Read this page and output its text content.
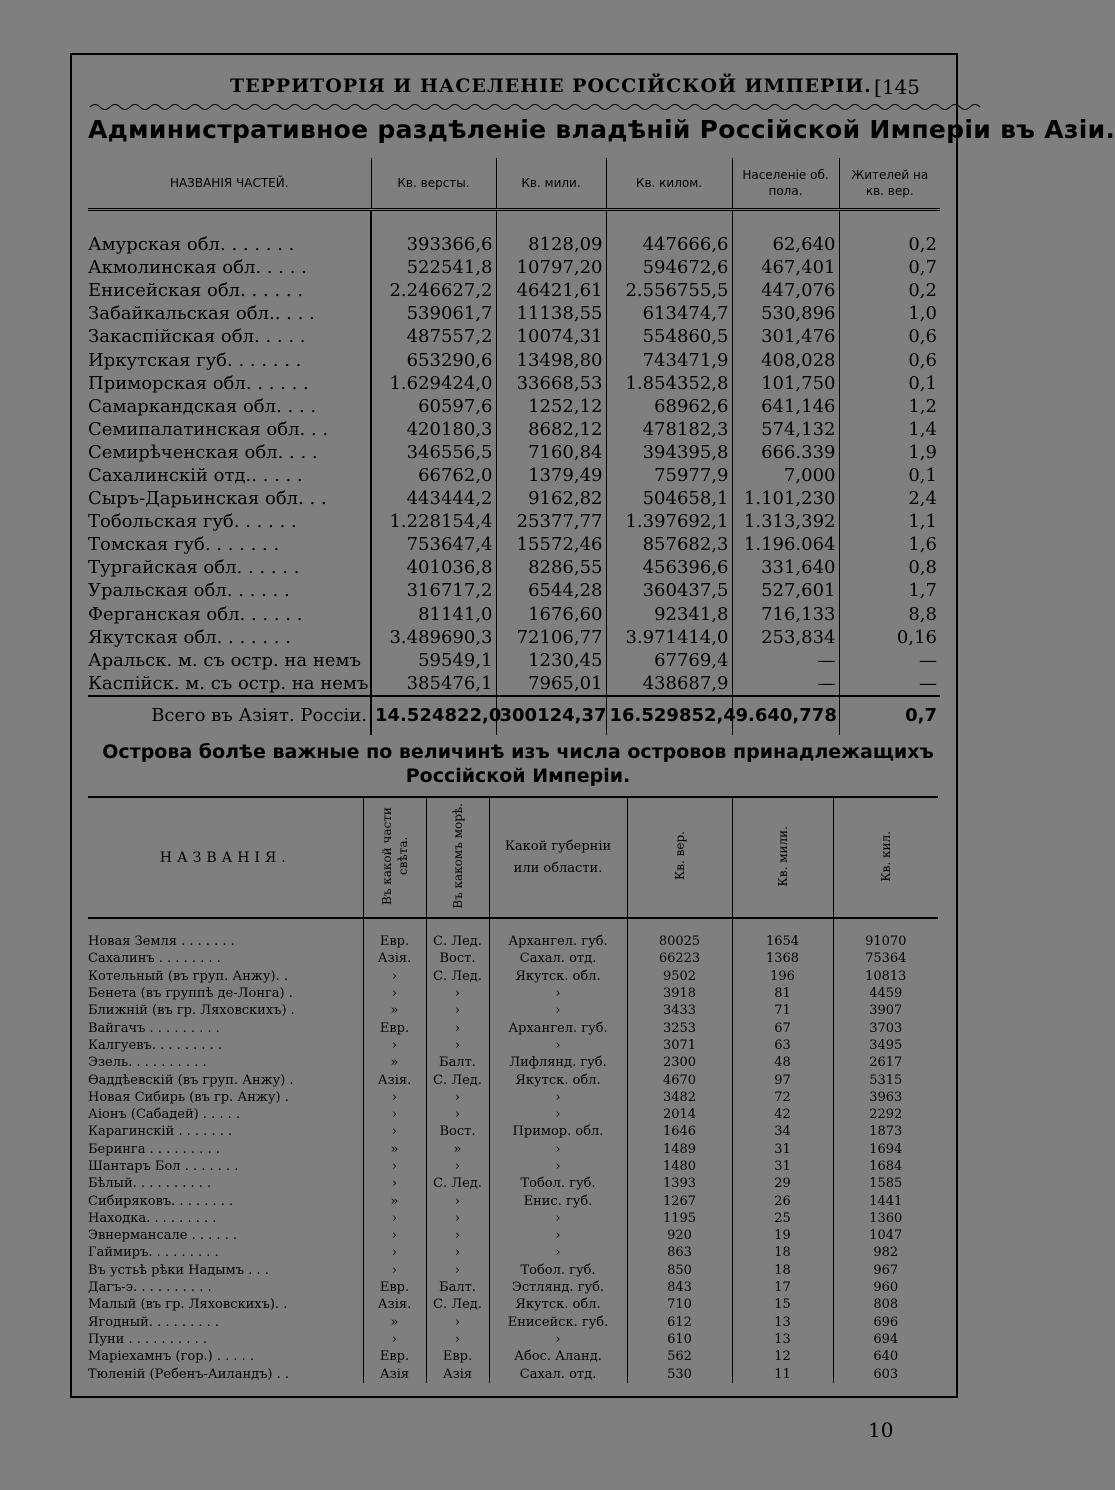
ТЕРРИТОРІЯ И НАСЕЛЕНІЕ РОССІЙСКОЙ ИМПЕРІИ. [145
Административное раздѣленіе владѣній Россійской Имперіи въ Азіи.
НАЗВАНІЯ ЧАСТЕЙ.	Кв. версты.	Кв. мили.	Кв. килом.	Населеніе об. пола.	Жителей на кв. вер.

Амурская обл. . . . . . .	393366,6	8128,09	447666,6	62,640	0,2
Акмолинская обл. . . . .	522541,8	10797,20	594672,6	467,401	0,7
Енисейская обл. . . . . .	2.246627,2	46421,61	2.556755,5	447,076	0,2
Забайкальская обл.. . . .	539061,7	11138,55	613474,7	530,896	1,0
Закаспійская обл. . . . .	487557,2	10074,31	554860,5	301,476	0,6
Иркутская губ. . . . . . .	653290,6	13498,80	743471,9	408,028	0,6
Приморская обл. . . . . .	1.629424,0	33668,53	1.854352,8	101,750	0,1
Самаркандская обл. . . .	60597,6	1252,12	68962,6	641,146	1,2
Семипалатинская обл. . .	420180,3	8682,12	478182,3	574,132	1,4
Семирѣченская обл. . . .	346556,5	7160,84	394395,8	666.339	1,9
Сахалинскій отд.. . . . .	66762,0	1379,49	75977,9	7,000	0,1
Сыръ-Дарьинская обл. . .	443444,2	9162,82	504658,1	1.101,230	2,4
Тобольская губ. . . . . .	1.228154,4	25377,77	1.397692,1	1.313,392	1,1
Томская губ. . . . . . .	753647,4	15572,46	857682,3	1.196.064	1,6
Тургайская обл. . . . . .	401036,8	8286,55	456396,6	331,640	0,8
Уральская обл. . . . . .	316717,2	6544,28	360437,5	527,601	1,7
Ферганская обл. . . . . .	81141,0	1676,60	92341,8	716,133	8,8
Якутская обл. . . . . . .	3.489690,3	72106,77	3.971414,0	253,834	0,16
Аральск. м. съ остр. на немъ	59549,1	1230,45	67769,4	—	—
Каспійск. м. съ остр. на немъ	385476,1	7965,01	438687,9	—	—
Всего въ Азіят. Россіи.	14.524822,0	300124,37	16.529852,4	9.640,778	0,7
Острова болѣе важные по величинѣ изъ числа островов принадлежащихъ Россійской Имперіи.
НАЗВАНІЯ.	Въ какой части свѣта.	Въ какомъ морѣ.	Какой губерніи или области.	Кв. вер.	Кв. мили.	Кв. кил.

Новая Земля . . . . . . .	Евр.	С. Лед.	Архангел. губ.	80025	1654	91070
Сахалинъ . . . . . . . .	Азія.	Вост.	Сахал. отд.	66223	1368	75364
Котельный (въ груп. Анжу). .	›	С. Лед.	Якутск. обл.	9502	196	10813
Бенета (въ группѣ де-Лонга) .	›	›	›	3918	81	4459
Ближній (въ гр. Ляховскихъ) .	»	›	›	3433	71	3907
Вайгачъ . . . . . . . . .	Евр.	›	Архангел. губ.	3253	67	3703
Калгуевъ. . . . . . . . .	›	›	›	3071	63	3495
Эзель. . . . . . . . . .	»	Балт.	Лифлянд. губ.	2300	48	2617
Ѳаддѣевскій (въ груп. Анжу) .	Азія.	С. Лед.	Якутск. обл.	4670	97	5315
Новая Сибирь (въ гр. Анжу) .	›	›	›	3482	72	3963
Аіонъ (Сабадей) . . . . .	›	›	›	2014	42	2292
Карагинскій . . . . . . .	›	Вост.	Примор. обл.	1646	34	1873
Беринга . . . . . . . . .	»	»	›	1489	31	1694
Шантаръ Бол . . . . . . .	›	›	›	1480	31	1684
Бѣлый. . . . . . . . . .	›	С. Лед.	Тобол. губ.	1393	29	1585
Сибиряковъ. . . . . . . .	»	›	Енис. губ.	1267	26	1441
Находка. . . . . . . . .	›	›	›	1195	25	1360
Эвнермансале . . . . . .	›	›	›	920	19	1047
Гаймиръ. . . . . . . . .	›	›	›	863	18	982
Въ устьѣ рѣки Надымъ . . .	›	›	Тобол. губ.	850	18	967
Дагъ-э. . . . . . . . . .	Евр.	Балт.	Эстлянд. губ.	843	17	960
Малый (въ гр. Ляховскихъ). .	Азія.	С. Лед.	Якутск. обл.	710	15	808
Ягодный. . . . . . . . .	»	›	Енисейск. губ.	612	13	696
Пуни . . . . . . . . . .	›	›	›	610	13	694
Маріехамнъ (гор.) . . . . .	Евр.	Евр.	Абос. Аланд.	562	12	640
Тюленій (Ребенъ-Аиландъ) . .	Азія	Азія	Сахал. отд.	530	11	603
10
